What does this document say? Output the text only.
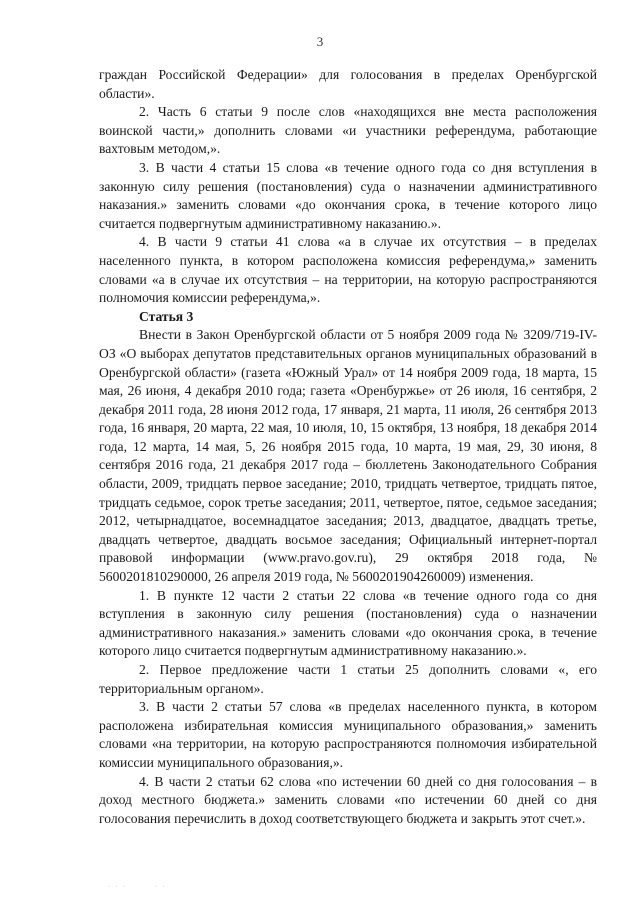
3

граждан Российской Федерации» для голосования в пределах Оренбургской области».

2. Часть 6 статьи 9 после слов «находящихся вне места расположения воинской части,» дополнить словами «и участники референдума, работающие вахтовым методом,».

3. В части 4 статьи 15 слова «в течение одного года со дня вступления в законную силу решения (постановления) суда о назначении административного наказания.» заменить словами «до окончания срока, в течение которого лицо считается подвергнутым административному наказанию.».

4. В части 9 статьи 41 слова «а в случае их отсутствия – в пределах населенного пункта, в котором расположена комиссия референдума,» заменить словами «а в случае их отсутствия – на территории, на которую распространяются полномочия комиссии референдума,».

Статья 3

Внести в Закон Оренбургской области от 5 ноября 2009 года № 3209/719-IV-ОЗ «О выборах депутатов представительных органов муниципальных образований в Оренбургской области» (газета «Южный Урал» от 14 ноября 2009 года, 18 марта, 15 мая, 26 июня, 4 декабря 2010 года; газета «Оренбуржье» от 26 июля, 16 сентября, 2 декабря 2011 года, 28 июня 2012 года, 17 января, 21 марта, 11 июля, 26 сентября 2013 года, 16 января, 20 марта, 22 мая, 10 июля, 10, 15 октября, 13 ноября, 18 декабря 2014 года, 12 марта, 14 мая, 5, 26 ноября 2015 года, 10 марта, 19 мая, 29, 30 июня, 8 сентября 2016 года, 21 декабря 2017 года – бюллетень Законодательного Собрания области, 2009, тридцать первое заседание; 2010, тридцать четвертое, тридцать пятое, тридцать седьмое, сорок третье заседания; 2011, четвертое, пятое, седьмое заседания; 2012, четырнадцатое, восемнадцатое заседания; 2013, двадцатое, двадцать третье, двадцать четвертое, двадцать восьмое заседания; Официальный интернет-портал правовой информации (www.pravo.gov.ru), 29 октября 2018 года, № 5600201810290000, 26 апреля 2019 года, № 5600201904260009) изменения.

1. В пункте 12 части 2 статьи 22 слова «в течение одного года со дня вступления в законную силу решения (постановления) суда о назначении административного наказания.» заменить словами «до окончания срока, в течение которого лицо считается подвергнутым административному наказанию.».

2. Первое предложение части 1 статьи 25 дополнить словами «, его территориальным органом».

3. В части 2 статьи 57 слова «в пределах населенного пункта, в котором расположена избирательная комиссия муниципального образования,» заменить словами «на территории, на которую распространяются полномочия избирательной комиссии муниципального образования,».

4. В части 2 статьи 62 слова «по истечении 60 дней со дня голосования – в доход местного бюджета.» заменить словами «по истечении 60 дней со дня голосования перечислить в доход соответствующего бюджета и закрыть этот счет.».

· · ·        · ·
